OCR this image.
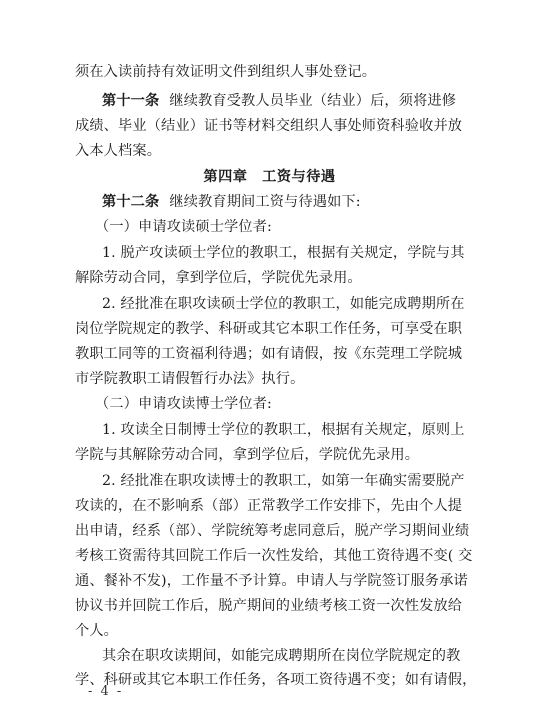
须在入读前持有效证明文件到组织人事处登记。
第十一条 继续教育受教人员毕业（结业）后，须将进修
成绩、毕业（结业）证书等材料交组织人事处师资科验收并放
入本人档案。
第四章　工资与待遇
第十二条 继续教育期间工资与待遇如下:
（一）申请攻读硕士学位者:
1. 脱产攻读硕士学位的教职工，根据有关规定，学院与其
解除劳动合同，拿到学位后，学院优先录用。
2. 经批准在职攻读硕士学位的教职工，如能完成聘期所在
岗位学院规定的教学、科研或其它本职工作任务，可享受在职
教职工同等的工资福利待遇；如有请假，按《东莞理工学院城
市学院教职工请假暂行办法》执行。
（二）申请攻读博士学位者:
1. 攻读全日制博士学位的教职工，根据有关规定，原则上
学院与其解除劳动合同，拿到学位后，学院优先录用。
2. 经批准在职攻读博士的教职工，如第一年确实需要脱产
攻读的，在不影响系（部）正常教学工作安排下，先由个人提
出申请，经系（部）、学院统筹考虑同意后，脱产学习期间业绩
考核工资需待其回院工作后一次性发给，其他工资待遇不变( 交
通、餐补不发)，工作量不予计算。申请人与学院签订服务承诺
协议书并回院工作后，脱产期间的业绩考核工资一次性发放给
个人。
其余在职攻读期间，如能完成聘期所在岗位学院规定的教
学、科研或其它本职工作任务，各项工资待遇不变；如有请假，
- 4 -
